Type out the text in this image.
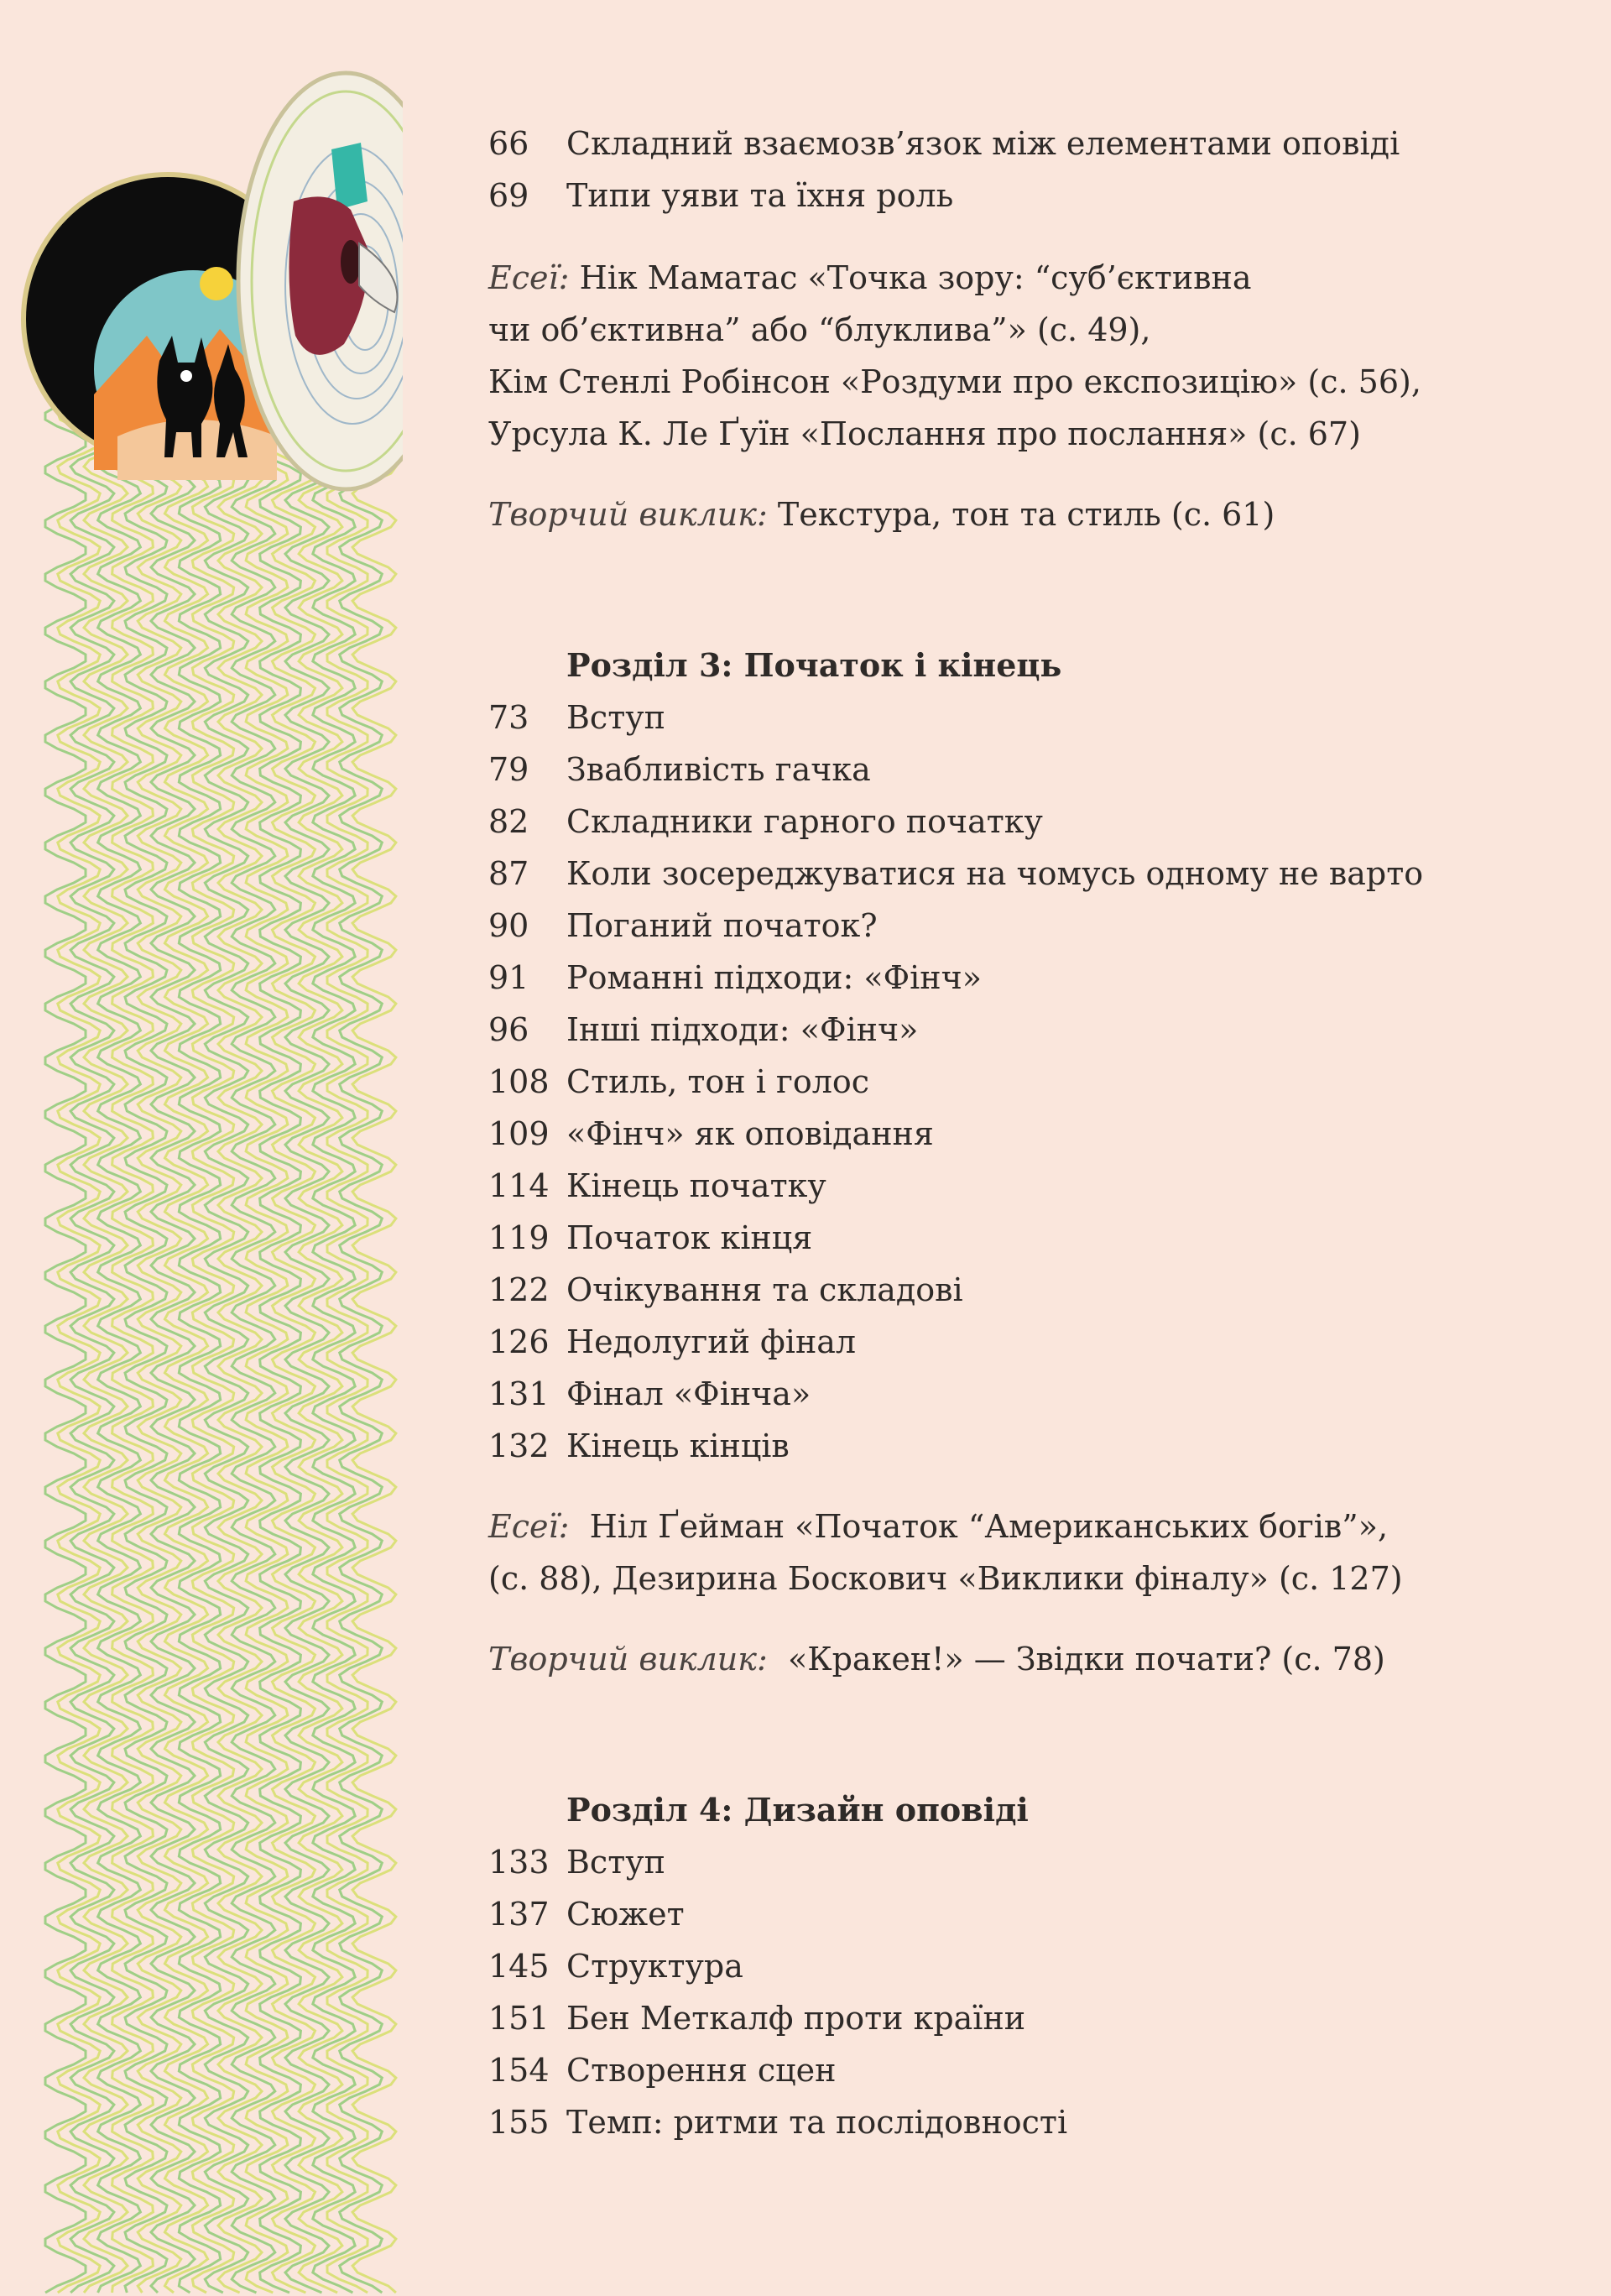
66	Складний взаємозв’язок між елементами оповіді
69	Типи уяви та їхня роль
Есеї: Нік Маматас «Точка зору: “суб’єктивна
чи об’єктивна” або “блуклива”» (с. 49),
Кім Стенлі Робінсон «Роздуми про експозицію» (с. 56),
Урсула К. Ле Ґуїн «Послання про послання» (с. 67)
Творчий виклик: Текстура, тон та стиль (с. 61)
Розділ 3: Початок і кінець
73	Вступ
79	Звабливість гачка
82	Складники гарного початку
87	Коли зосереджуватися на чомусь одному не варто
90	Поганий початок?
91	Романні підходи: «Фінч»
96	Інші підходи: «Фінч»
108 Стиль, тон і голос
109 «Фінч» як оповідання
114 Кінець початку
119 Початок кінця
122 Очікування та складові
126 Недолугий фінал
131 Фінал «Фінча»
132 Кінець кінців
Есеї: Ніл Ґейман «Початок “Американських богів”»,
(с. 88), Дезирина Боскович «Виклики фіналу» (с. 127)
Творчий виклик: «Кракен!» — Звідки почати? (с. 78)
Розділ 4: Дизайн оповіді
133 Вступ
137 Сюжет
145 Структура
151 Бен Меткалф проти країни
154 Створення сцен
155 Темп: ритми та послідовності
